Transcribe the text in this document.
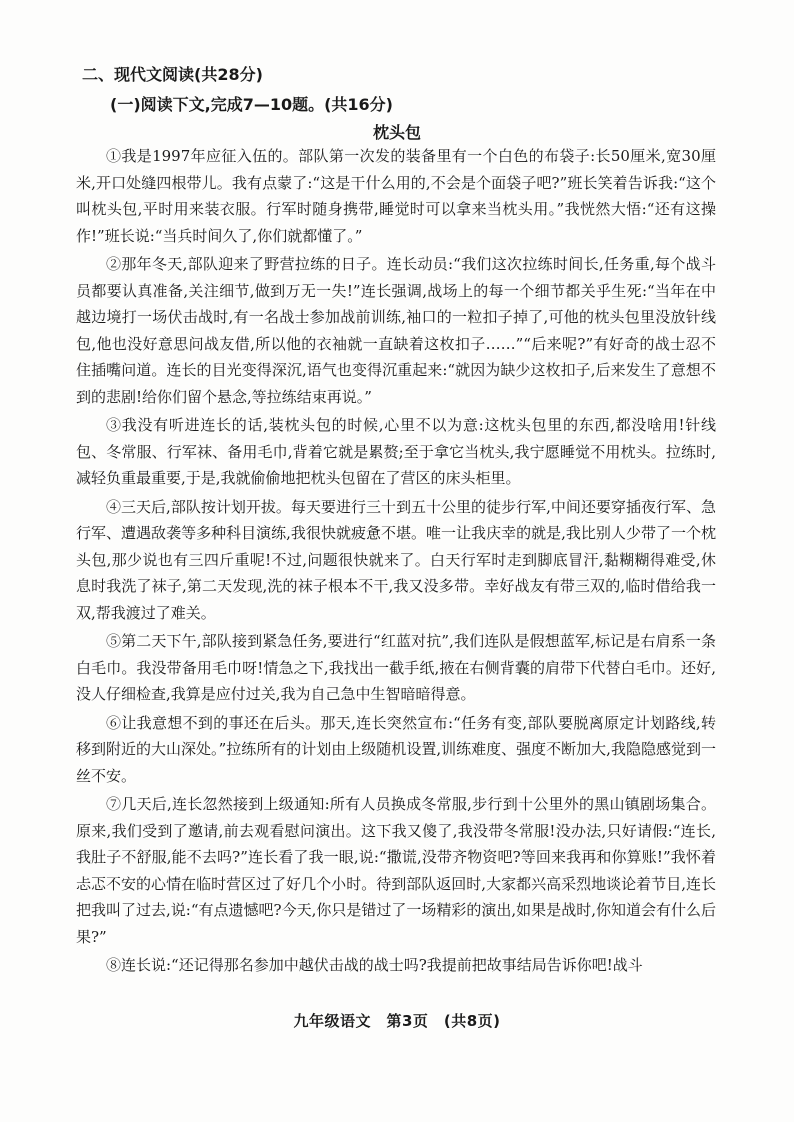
二、现代文阅读(共28分)
(一)阅读下文,完成7—10题。(共16分)
枕头包

①我是1997年应征入伍的。部队第一次发的装备里有一个白色的布袋子:长50厘米,宽30厘米,开口处缝四根带儿。我有点蒙了:“这是干什么用的,不会是个面袋子吧?”班长笑着告诉我:“这个叫枕头包,平时用来装衣服。行军时随身携带,睡觉时可以拿来当枕头用。”我恍然大悟:“还有这操作!”班长说:“当兵时间久了,你们就都懂了。”

②那年冬天,部队迎来了野营拉练的日子。连长动员:“我们这次拉练时间长,任务重,每个战斗员都要认真准备,关注细节,做到万无一失!”连长强调,战场上的每一个细节都关乎生死:“当年在中越边境打一场伏击战时,有一名战士参加战前训练,袖口的一粒扣子掉了,可他的枕头包里没放针线包,他也没好意思问战友借,所以他的衣袖就一直缺着这枚扣子……”“后来呢?”有好奇的战士忍不住插嘴问道。连长的目光变得深沉,语气也变得沉重起来:“就因为缺少这枚扣子,后来发生了意想不到的悲剧!给你们留个悬念,等拉练结束再说。”

③我没有听进连长的话,装枕头包的时候,心里不以为意:这枕头包里的东西,都没啥用!针线包、冬常服、行军袜、备用毛巾,背着它就是累赘;至于拿它当枕头,我宁愿睡觉不用枕头。拉练时,减轻负重最重要,于是,我就偷偷地把枕头包留在了营区的床头柜里。

④三天后,部队按计划开拔。每天要进行三十到五十公里的徒步行军,中间还要穿插夜行军、急行军、遭遇敌袭等多种科目演练,我很快就疲惫不堪。唯一让我庆幸的就是,我比别人少带了一个枕头包,那少说也有三四斤重呢!不过,问题很快就来了。白天行军时走到脚底冒汗,黏糊糊得难受,休息时我洗了袜子,第二天发现,洗的袜子根本不干,我又没多带。幸好战友有带三双的,临时借给我一双,帮我渡过了难关。

⑤第二天下午,部队接到紧急任务,要进行“红蓝对抗”,我们连队是假想蓝军,标记是右肩系一条白毛巾。我没带备用毛巾呀!情急之下,我找出一截手纸,掖在右侧背囊的肩带下代替白毛巾。还好,没人仔细检查,我算是应付过关,我为自己急中生智暗暗得意。

⑥让我意想不到的事还在后头。那天,连长突然宣布:“任务有变,部队要脱离原定计划路线,转移到附近的大山深处。”拉练所有的计划由上级随机设置,训练难度、强度不断加大,我隐隐感觉到一丝不安。

⑦几天后,连长忽然接到上级通知:所有人员换成冬常服,步行到十公里外的黑山镇剧场集合。原来,我们受到了邀请,前去观看慰问演出。这下我又傻了,我没带冬常服!没办法,只好请假:“连长,我肚子不舒服,能不去吗?”连长看了我一眼,说:“撒谎,没带齐物资吧?等回来我再和你算账!”我怀着忐忑不安的心情在临时营区过了好几个小时。待到部队返回时,大家都兴高采烈地谈论着节目,连长把我叫了过去,说:“有点遗憾吧?今天,你只是错过了一场精彩的演出,如果是战时,你知道会有什么后果?”

⑧连长说:“还记得那名参加中越伏击战的战士吗?我提前把故事结局告诉你吧!战斗

九年级语文　第3页　(共8页)
